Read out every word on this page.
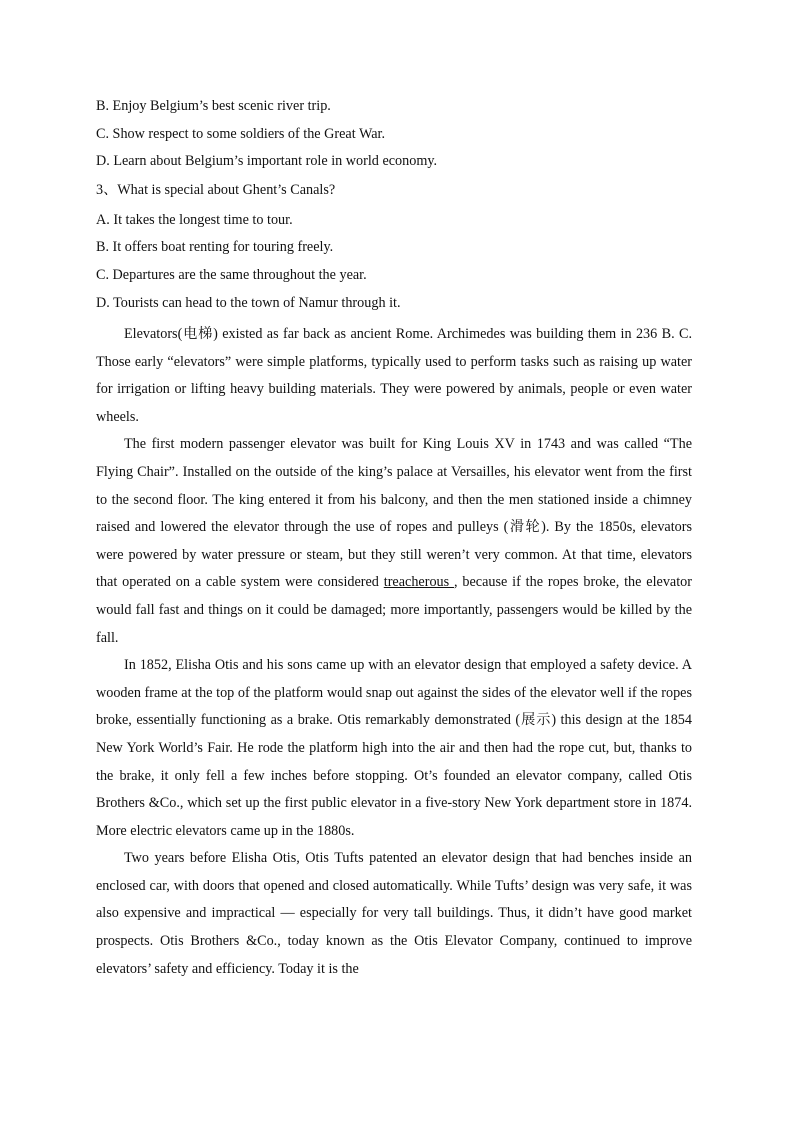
B. Enjoy Belgium’s best scenic river trip.

C. Show respect to some soldiers of the Great War.

D. Learn about Belgium’s important role in world economy.

3、What is special about Ghent’s Canals?

A. It takes the longest time to tour.

B. It offers boat renting for touring freely.

C. Departures are the same throughout the year.

D. Tourists can head to the town of Namur through it.

Elevators(电梯) existed as far back as ancient Rome. Archimedes was building them in 236 B. C. Those early “elevators” were simple platforms, typically used to perform tasks such as raising up water for irrigation or lifting heavy building materials. They were powered by animals, people or even water wheels.

The first modern passenger elevator was built for King Louis XV in 1743 and was called “The Flying Chair”. Installed on the outside of the king’s palace at Versailles, his elevator went from the first to the second floor. The king entered it from his balcony, and then the men stationed inside a chimney raised and lowered the elevator through the use of ropes and pulleys (滑轮). By the 1850s, elevators were powered by water pressure or steam, but they still weren’t very common. At that time, elevators that operated on a cable system were considered treacherous , because if the ropes broke, the elevator would fall fast and things on it could be damaged; more importantly, passengers would be killed by the fall.

In 1852, Elisha Otis and his sons came up with an elevator design that employed a safety device. A wooden frame at the top of the platform would snap out against the sides of the elevator well if the ropes broke, essentially functioning as a brake. Otis remarkably demonstrated (展示) this design at the 1854 New York World’s Fair. He rode the platform high into the air and then had the rope cut, but, thanks to the brake, it only fell a few inches before stopping. Ot’s founded an elevator company, called Otis Brothers &Co., which set up the first public elevator in a five-story New York department store in 1874. More electric elevators came up in the 1880s.

Two years before Elisha Otis, Otis Tufts patented an elevator design that had benches inside an enclosed car, with doors that opened and closed automatically. While Tufts’ design was very safe, it was also expensive and impractical — especially for very tall buildings. Thus, it didn’t have good market prospects. Otis Brothers &Co., today known as the Otis Elevator Company, continued to improve elevators’ safety and efficiency. Today it is the
